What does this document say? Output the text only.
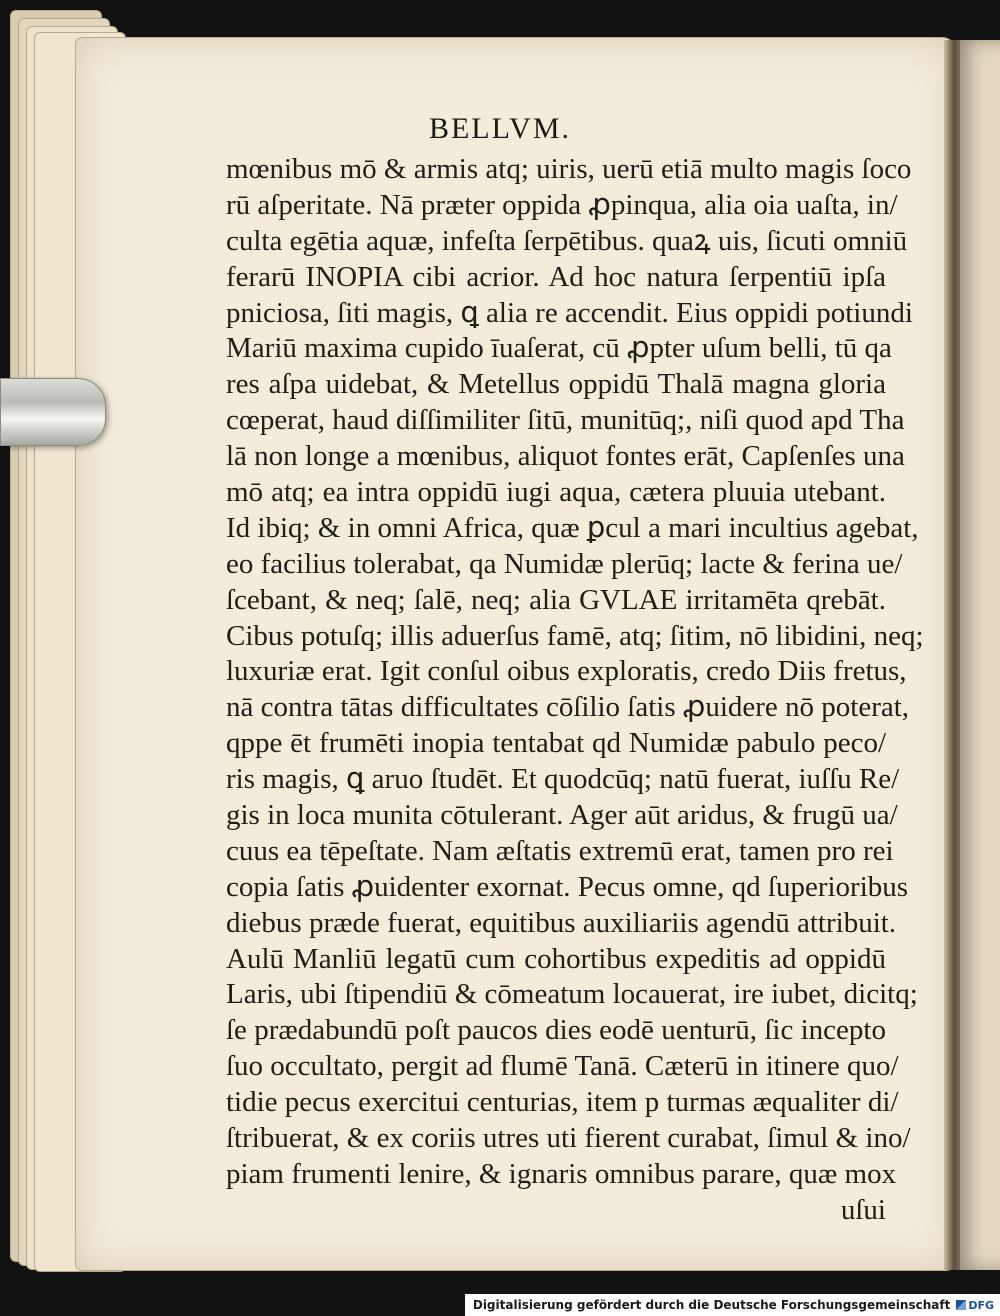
BELLVM.
mœnibus mō & armis atq; uiris, uerū etiā multo magis ſoco
rū aſperitate. Nā præter oppida ꝓpinqua, alia oia uaſta, in/
culta egētia aquæ, infeſta ſerpētibus. quaꝝ uis, ſicuti omniū
ferarū INOPIA cibi acrior. Ad hoc natura ſerpentiū ipſa
pniciosa, ſiti magis, ꝗ alia re accendit. Eius oppidi potiundi
Mariū maxima cupido īuaſerat, cū ꝓpter uſum belli, tū qa
res aſpa uidebat, & Metellus oppidū Thalā magna gloria
cœperat, haud diſſimiliter ſitū, munitūq;, niſi quod apd Tha
lā non longe a mœnibus, aliquot fontes erāt, Capſenſes una
mō atq; ea intra oppidū iugi aqua, cætera pluuia utebant.
Id ibiq; & in omni Africa, quæ ꝑcul a mari incultius agebat,
eo facilius tolerabat, qa Numidæ plerūq; lacte & ferina ue/
ſcebant, & neq; ſalē, neq; alia GVLAE irritamēta qrebāt.
Cibus potuſq; illis aduerſus famē, atq; ſitim, nō libidini, neq;
luxuriæ erat. Igit conſul oibus exploratis, credo Diis fretus,
nā contra tātas difficultates cōſilio ſatis ꝓuidere nō poterat,
qppe ēt frumēti inopia tentabat qd Numidæ pabulo peco/
ris magis, ꝗ aruo ſtudēt. Et quodcūq; natū fuerat, iuſſu Re/
gis in loca munita cōtulerant. Ager aūt aridus, & frugū ua/
cuus ea tēpeſtate. Nam æſtatis extremū erat, tamen pro rei
copia ſatis ꝓuidenter exornat. Pecus omne, qd ſuperioribus
diebus præde fuerat, equitibus auxiliariis agendū attribuit.
Aulū Manliū legatū cum cohortibus expeditis ad oppidū
Laris, ubi ſtipendiū & cōmeatum locauerat, ire iubet, dicitq;
ſe prædabundū poſt paucos dies eodē uenturū, ſic incepto
ſuo occultato, pergit ad flumē Tanā. Cæterū in itinere quo/
tidie pecus exercitui centurias, item p turmas æqualiter di/
ſtribuerat, & ex coriis utres uti fierent curabat, ſimul & ino/
piam frumenti lenire, & ignaris omnibus parare, quæ mox
uſui
Digitalisierung gefördert durch die Deutsche Forschungsgemeinschaft DFG
